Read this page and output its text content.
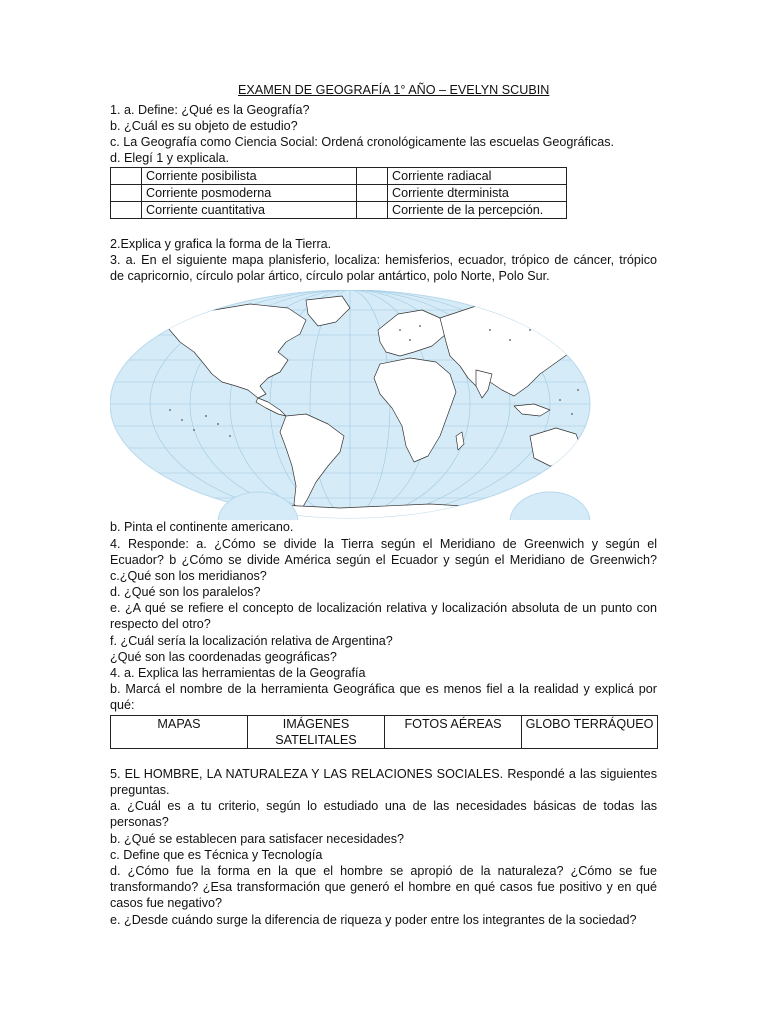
EXAMEN DE GEOGRAFÍA 1° AÑO – EVELYN SCUBIN
1. a. Define: ¿Qué es la Geografía?
b. ¿Cuál es su objeto de estudio?
c. La Geografía como Ciencia Social: Ordená cronológicamente las escuelas Geográficas.
d. Elegí 1 y explicala.
	Corriente posibilista		Corriente radiacal
	Corriente posmoderna		Corriente dterminista
	Corriente cuantitativa		Corriente de la percepción.
2.Explica y grafica la forma de la Tierra.
3. a. En el siguiente mapa planisferio, localiza: hemisferios, ecuador, trópico de cáncer, trópico
de capricornio, círculo polar ártico, círculo polar antártico, polo Norte, Polo Sur.
b. Pinta el continente americano.
4. Responde: a. ¿Cómo se divide la Tierra según el Meridiano de Greenwich y según el
Ecuador? b ¿Cómo se divide América según el Ecuador y según el Meridiano de Greenwich?
c.¿Qué son los meridianos?
d. ¿Qué son los paralelos?
e. ¿A qué se refiere el concepto de localización relativa y localización absoluta de un punto con
respecto del otro?
f. ¿Cuál sería la localización relativa de Argentina?
¿Qué son las coordenadas geográficas?
4. a. Explica las herramientas de la Geografía
b. Marcá el nombre de la herramienta Geográfica que es menos fiel a la realidad y explicá por
qué:
MAPAS	IMÁGENES SATELITALES	FOTOS AÉREAS	GLOBO TERRÁQUEO
5. EL HOMBRE, LA NATURALEZA Y LAS RELACIONES SOCIALES. Respondé a las siguientes
preguntas.
a. ¿Cuál es a tu criterio, según lo estudiado una de las necesidades básicas de todas las
personas?
b. ¿Qué se establecen para satisfacer necesidades?
c. Define que es Técnica y Tecnología
d. ¿Cómo fue la forma en la que el hombre se apropió de la naturaleza? ¿Cómo se fue
transformando? ¿Esa transformación que generó el hombre en qué casos fue positivo y en qué
casos fue negativo?
e. ¿Desde cuándo surge la diferencia de riqueza y poder entre los integrantes de la sociedad?
